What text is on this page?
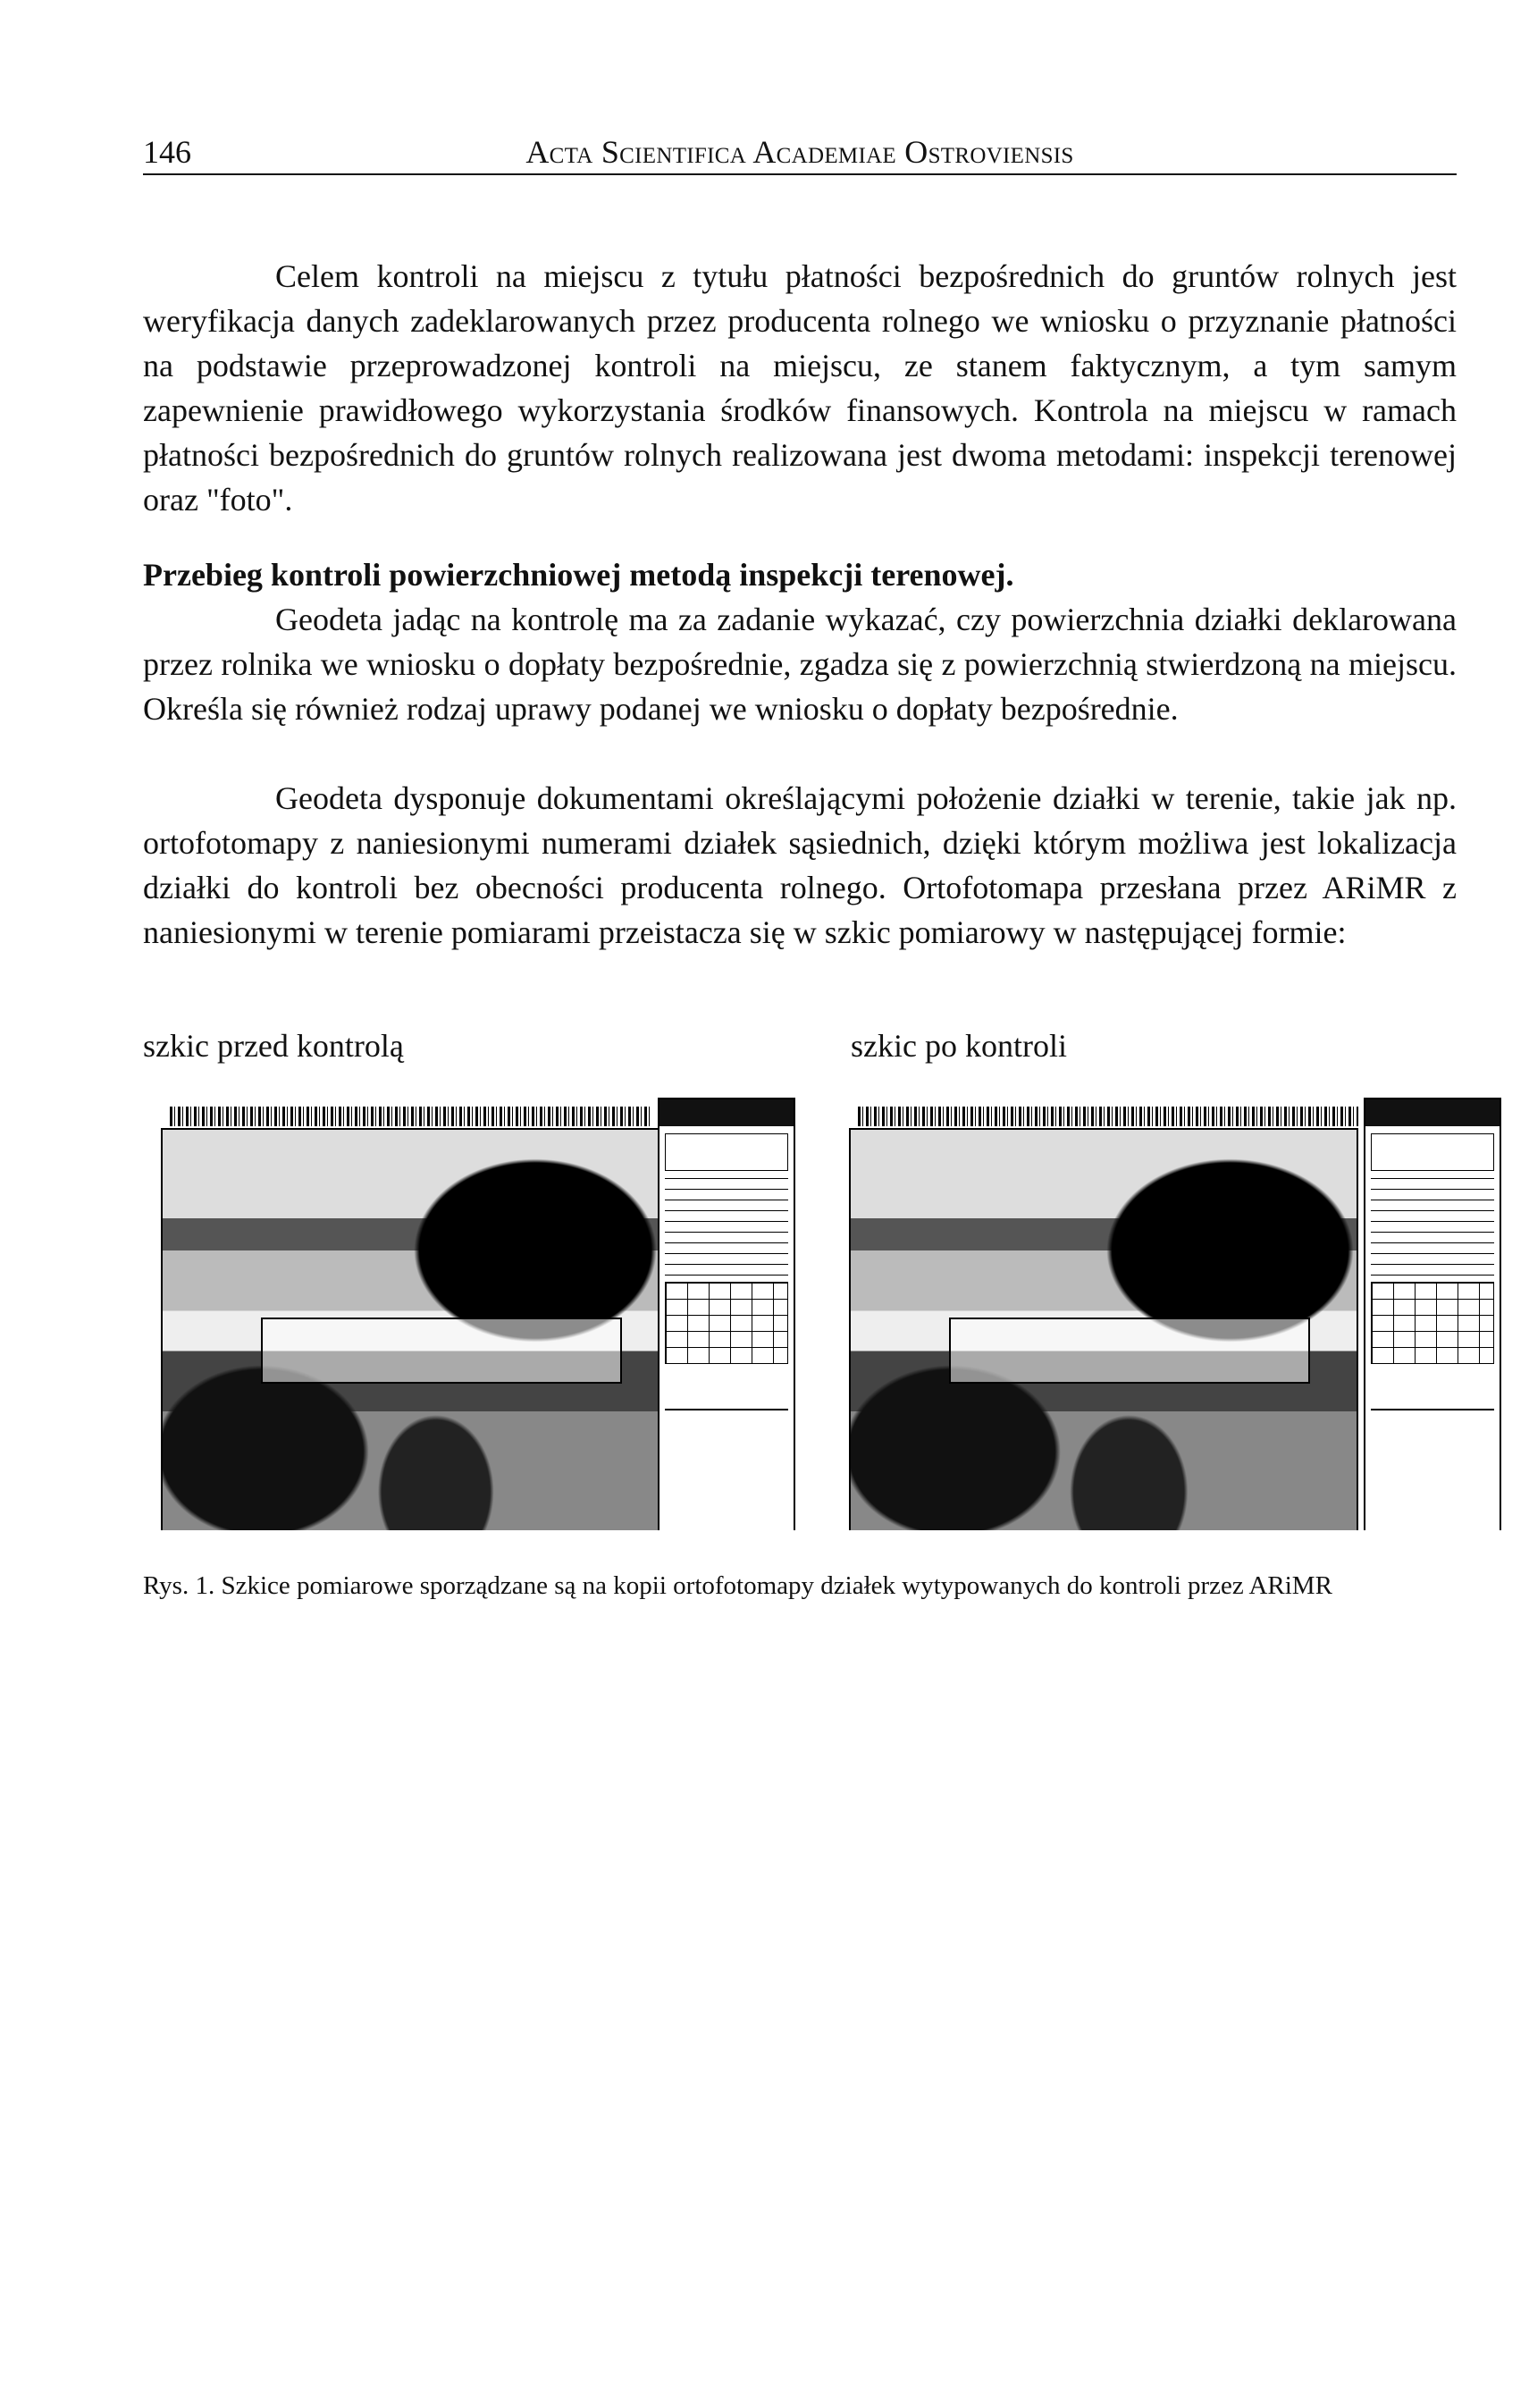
146	Acta Scientifica Academiae Ostroviensis

Celem kontroli na miejscu z tytułu płatności bezpośrednich do gruntów rolnych jest weryfikacja danych zadeklarowanych przez producenta rolnego we wniosku o przyznanie płatności na podstawie przeprowadzonej kontroli na miejscu, ze stanem faktycznym, a tym samym zapewnienie prawidłowego wykorzystania środków finansowych. Kontrola na miejscu w ramach płatności bezpośrednich do gruntów rolnych realizowana jest dwoma metodami: inspekcji terenowej oraz "foto".

Przebieg kontroli powierzchniowej metodą inspekcji terenowej.

Geodeta jadąc na kontrolę ma za zadanie wykazać, czy powierzchnia działki deklarowana przez rolnika we wniosku o dopłaty bezpośrednie, zgadza się z powierzchnią stwierdzoną na miejscu. Określa się również rodzaj uprawy podanej we wniosku o dopłaty bezpośrednie.

Geodeta dysponuje dokumentami określającymi położenie działki w terenie, takie jak np. ortofotomapy z naniesionymi numerami działek sąsiednich, dzięki którym możliwa jest lokalizacja działki do kontroli bez obecności producenta rolnego. Ortofotomapa przesłana przez ARiMR z naniesionymi w terenie pomiarami przeistacza się w szkic pomiarowy w następującej formie:

szkic przed kontrolą	szkic po kontroli
Rys. 1. Szkice pomiarowe sporządzane są na kopii ortofotomapy działek wytypowanych do kontroli przez ARiMR
